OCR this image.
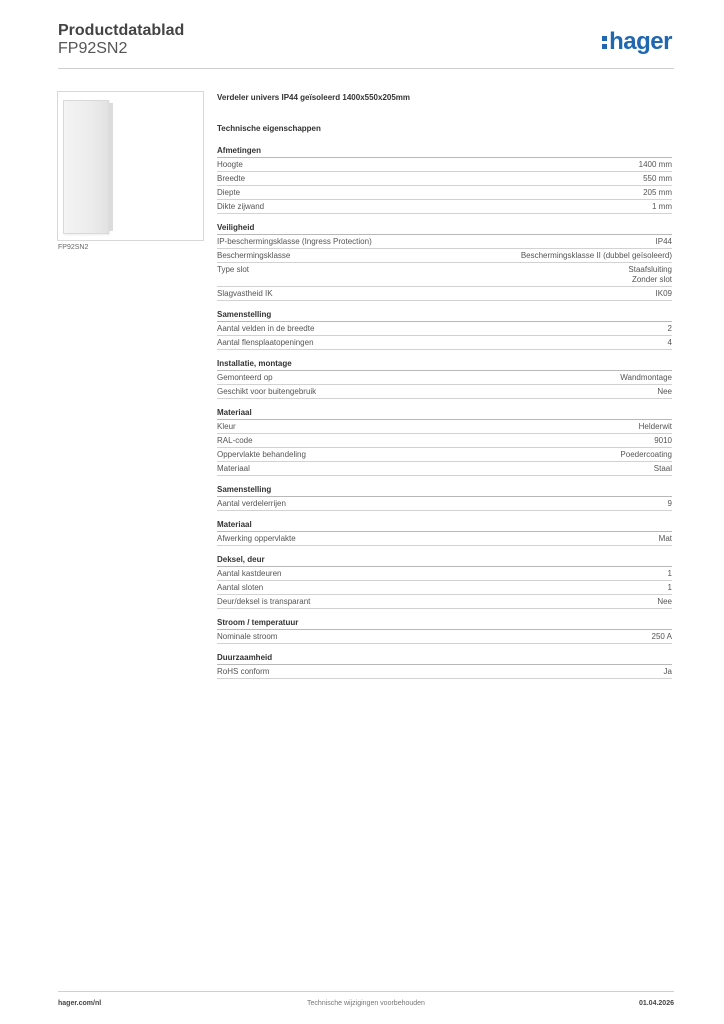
Productdatablad
FP92SN2	hager
FP92SN2
Verdeler univers IP44 geïsoleerd 1400x550x205mm
Technische eigenschappen
Afmetingen
Hoogte	1400 mm
Breedte	550 mm
Diepte	205 mm
Dikte zijwand	1 mm
Veiligheid
IP-beschermingsklasse (Ingress Protection)	IP44
Beschermingsklasse	Beschermingsklasse II (dubbel geïsoleerd)
Type slot	Staafsluiting
Zonder slot
Slagvastheid IK	IK09
Samenstelling
Aantal velden in de breedte	2
Aantal flensplaatopeningen	4
Installatie, montage
Gemonteerd op	Wandmontage
Geschikt voor buitengebruik	Nee
Materiaal
Kleur	Helderwit
RAL-code	9010
Oppervlakte behandeling	Poedercoating
Materiaal	Staal
Samenstelling
Aantal verdelerrijen	9
Materiaal
Afwerking oppervlakte	Mat
Deksel, deur
Aantal kastdeuren	1
Aantal sloten	1
Deur/deksel is transparant	Nee
Stroom / temperatuur
Nominale stroom	250 A
Duurzaamheid
RoHS conform	Ja
hager.com/nl	Technische wijzigingen voorbehouden	01.04.2026
